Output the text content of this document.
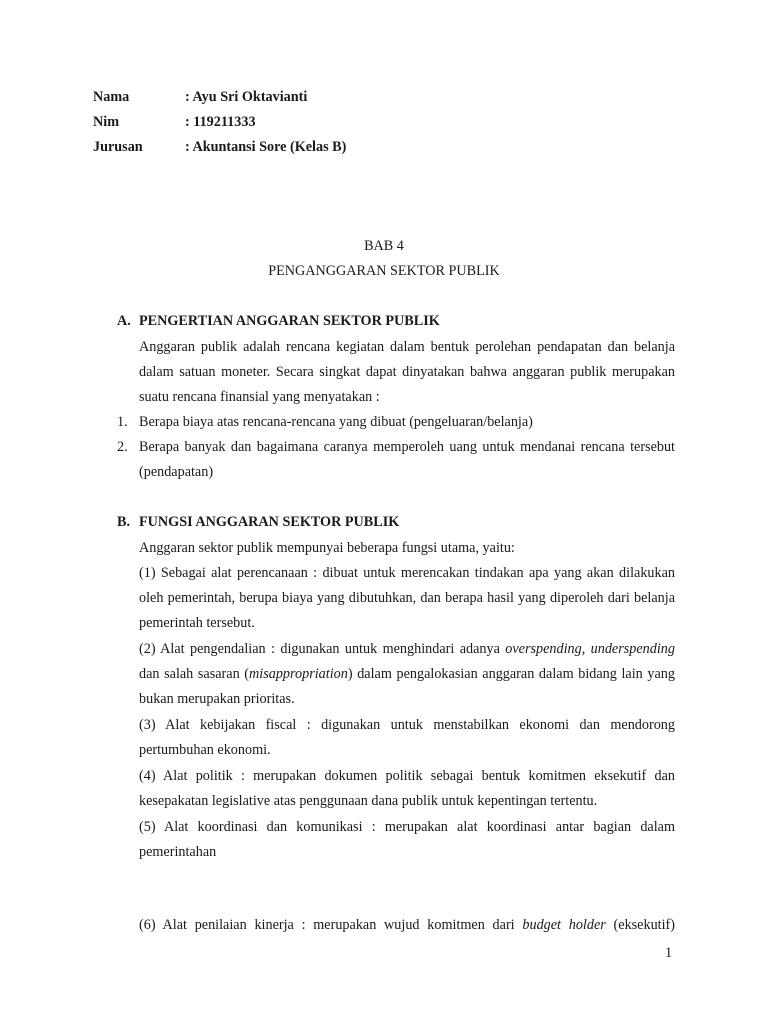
Nama	: Ayu Sri Oktavianti
Nim	: 119211333
Jurusan	: Akuntansi Sore (Kelas B)
BAB 4
PENGANGGARAN SEKTOR PUBLIK
A. PENGERTIAN ANGGARAN SEKTOR PUBLIK
Anggaran publik adalah rencana kegiatan dalam bentuk perolehan pendapatan dan belanja dalam satuan moneter. Secara singkat dapat dinyatakan bahwa anggaran publik merupakan suatu rencana finansial yang menyatakan :
1. Berapa biaya atas rencana-rencana yang dibuat (pengeluaran/belanja)
2. Berapa banyak dan bagaimana caranya memperoleh uang untuk mendanai rencana tersebut (pendapatan)
B. FUNGSI ANGGARAN SEKTOR PUBLIK
Anggaran sektor publik mempunyai beberapa fungsi utama, yaitu:
(1) Sebagai alat perencanaan : dibuat untuk merencakan tindakan apa yang akan dilakukan oleh pemerintah, berupa biaya yang dibutuhkan, dan berapa hasil yang diperoleh dari belanja pemerintah tersebut.
(2) Alat pengendalian : digunakan untuk menghindari adanya overspending, underspending dan salah sasaran (misappropriation) dalam pengalokasian anggaran dalam bidang lain yang bukan merupakan prioritas.
(3) Alat kebijakan fiscal : digunakan untuk menstabilkan ekonomi dan mendorong pertumbuhan ekonomi.
(4) Alat politik : merupakan dokumen politik sebagai bentuk komitmen eksekutif dan kesepakatan legislative atas penggunaan dana publik untuk kepentingan tertentu.
(5) Alat koordinasi dan komunikasi : merupakan alat koordinasi antar bagian dalam pemerintahan
(6) Alat penilaian kinerja : merupakan wujud komitmen dari budget holder (eksekutif)
1
